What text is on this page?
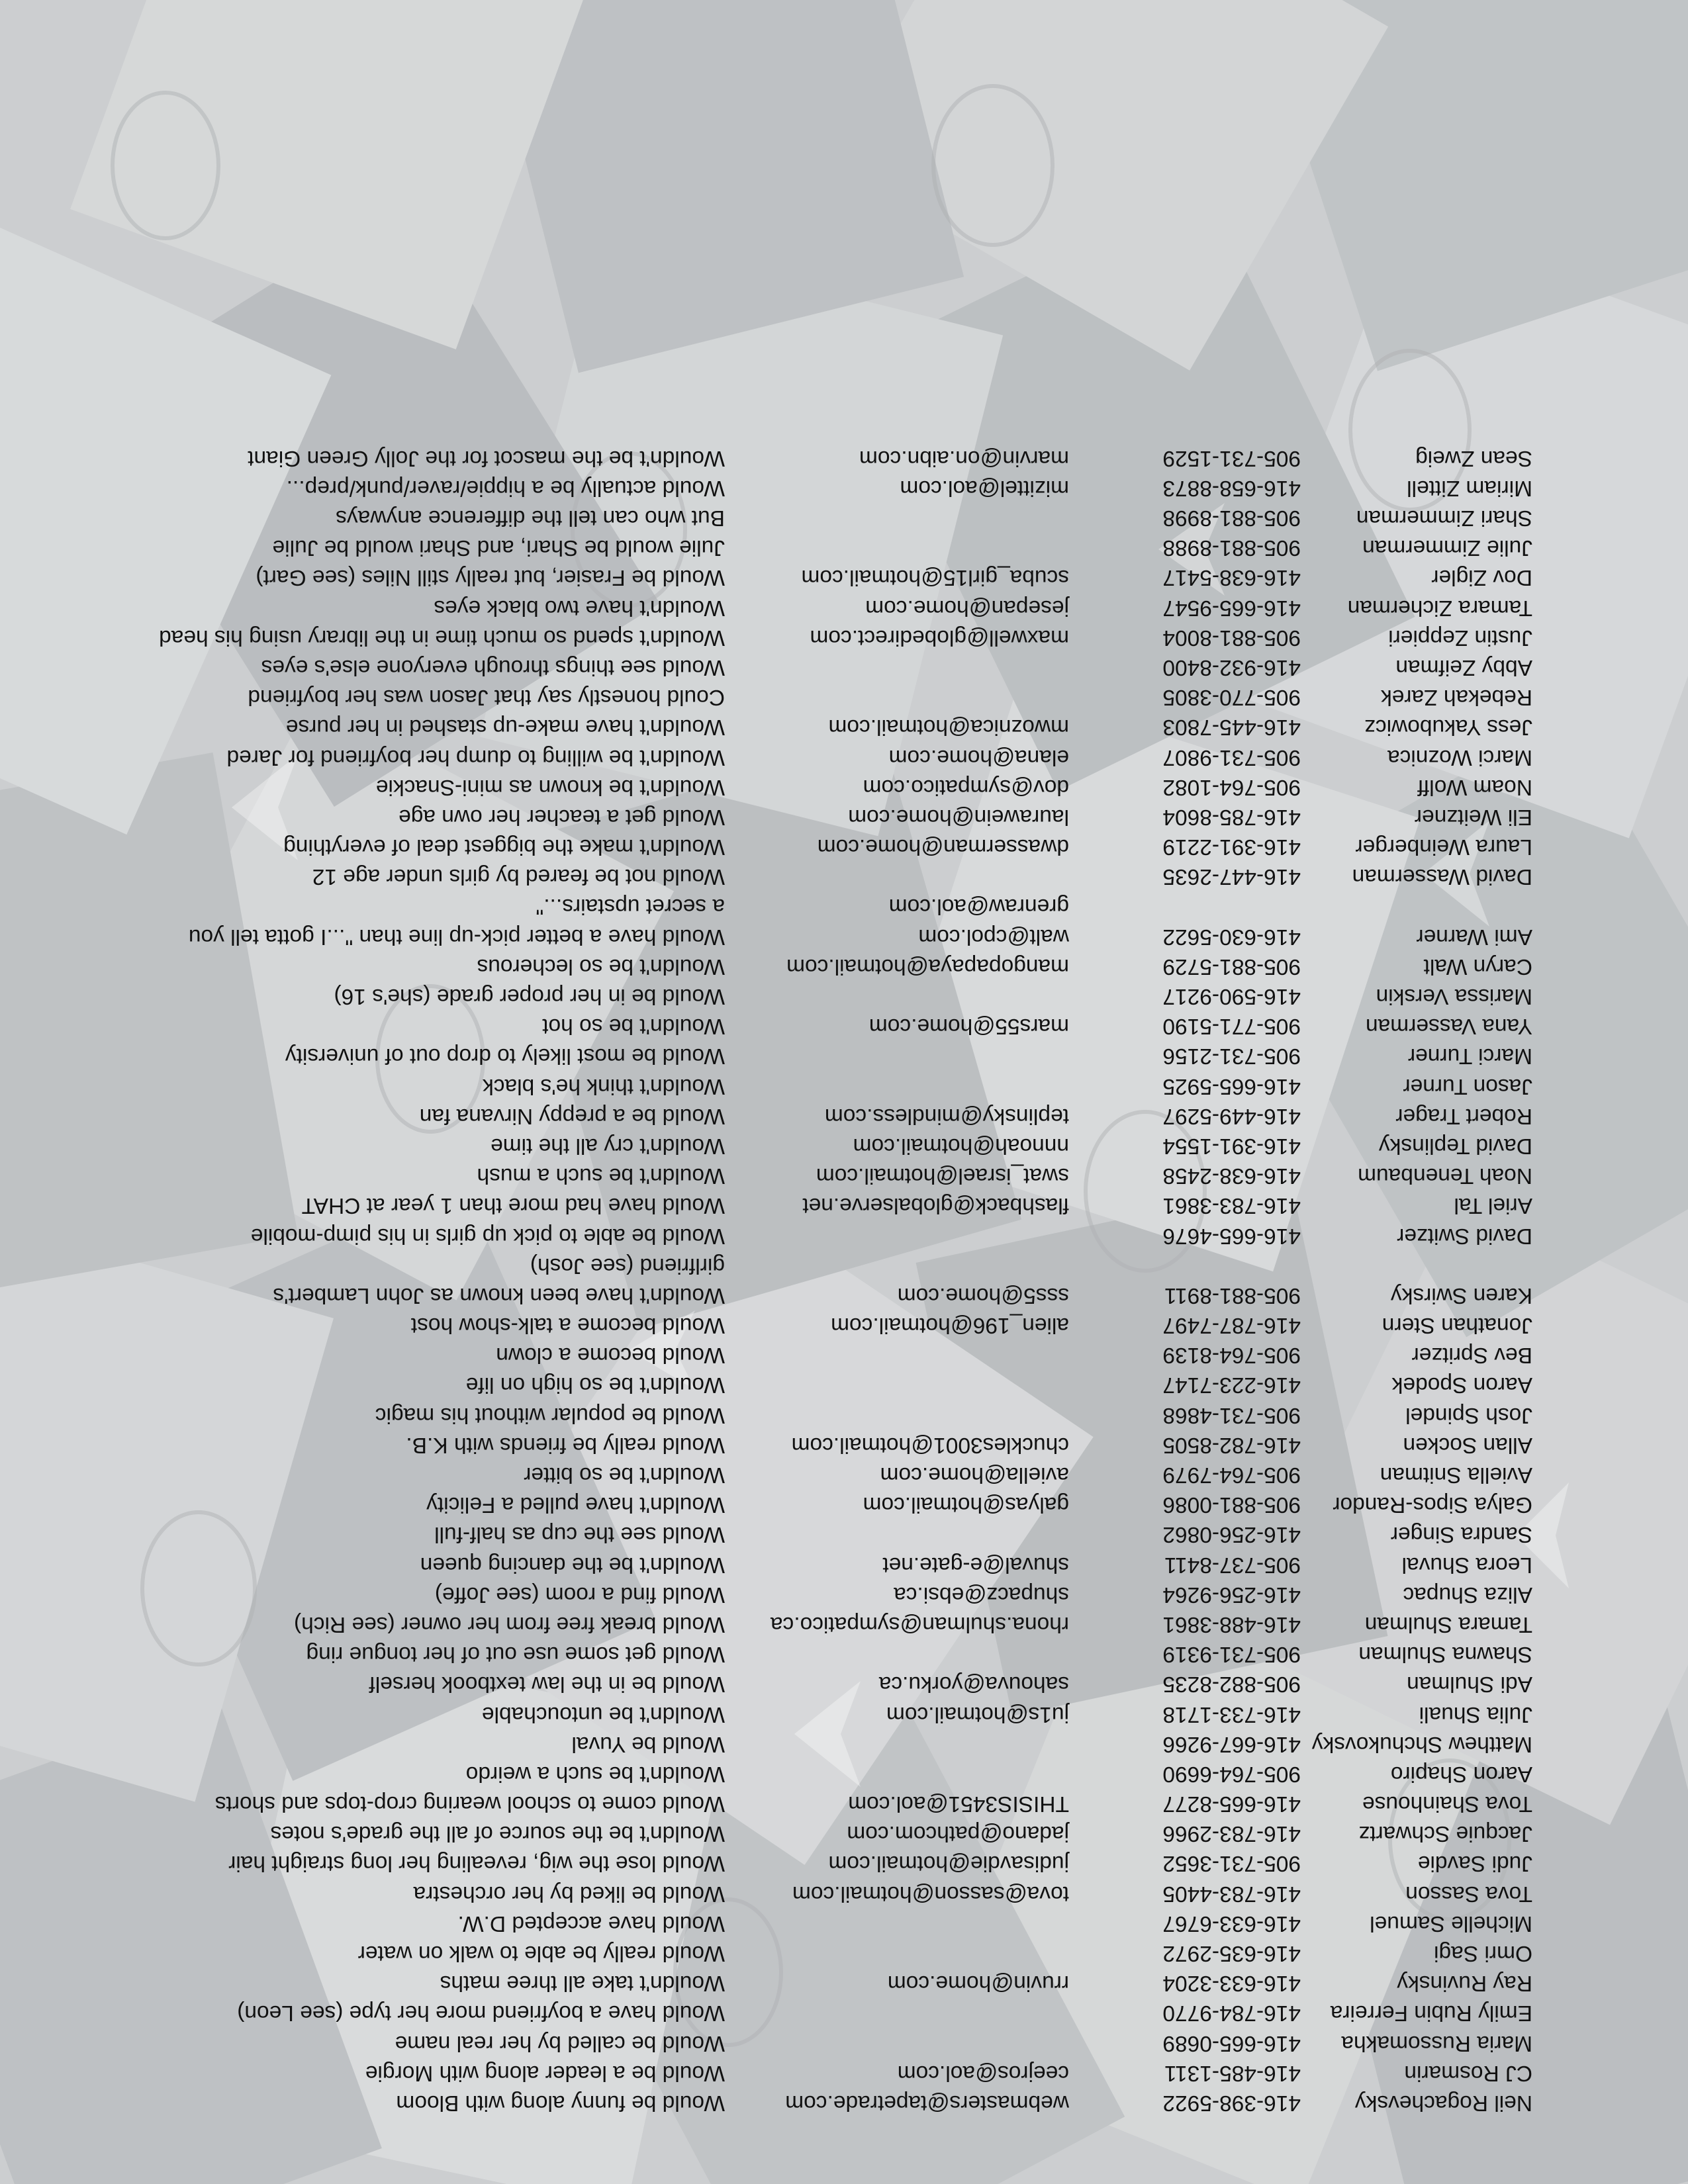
Neil Rogachevsky
416-398-5922
webmasters@tapetrade.com
Would be funny along with Bloom
CJ Rosmarin
416-485-1311
ceejros@aol.com
Would be a leader along with Morgie
Maria Russomakha
416-665-0689
Would be called by her real name
Emily Rubin Ferreira
416-784-9770
Would have a boyfriend more her type (see Leon)
Ray Ruvinsky
416-633-3204
rruvin@home.com
Wouldn't take all three maths
Omri Sagi
416-635-2972
Would really be able to walk on water
Michelle Samuel
416-633-6767
Would have accepted D.W.
Tova Sasson
416-783-4405
tova@sasson@hotmail.com
Would be liked by her orchestra
Judi Savdie
905-731-3652
judisavdie@hotmail.com
Would lose the wig, revealing her long straight hair
Jacquie Schwartz
416-783-2966
jadano@pathcom.com
Wouldn't be the source of all the grade's notes
Tova Shainhouse
416-665-8277
THISIS3451@aol.com
Would come to school wearing crop-tops and shorts
Aaron Shapiro
905-764-6690
Wouldn't be such a weirdo
Matthew Shchukovsky
416-667-9266
Would be Yuval
Julia Shuali
416-733-1718
ju1s@hotmail.com
Wouldn't be untouchable
Adi Shulman
905-882-8235
sahouva@yorku.ca
Would be in the law textbook herself
Shawna Shulman
905-731-9319
Would get some use out of her tongue ring
Tamara Shulman
416-488-3861
rhona.shulman@sympatico.ca
Would break free from her owner (see Rich)
Aliza Shupac
416-256-9264
shupacz@ebsi.ca
Would find a room (see Joffe)
Leora Shuval
905-737-8411
shuval@e-gate.net
Wouldn't be the dancing queen
Sandra Singer
416-256-0862
Would see the cup as half-full
Galya Sipos-Randor
905-881-0086
galyas@hotmail.com
Wouldn't have pulled a Felicity
Aviella Snitman
905-764-7979
aviella@home.com
Wouldn't be so bitter
Allan Socken
416-782-8505
chuckles3001@hotmail.com
Would really be friends with K.B.
Josh Spindel
905-731-4868
Would be popular without his magic
Aaron Spodek
416-223-7147
Wouldn't be so high on life
Bev Spritzer
905-764-8139
Would become a clown
Jonathan Stern
416-787-7497
alien_196@hotmail.com
Would become a talk-show host
Karen Swirsky
905-881-8911
sss5@home.com
Wouldn't have been known as John Lambert's
girlfriend (see Josh)
David Switzer
416-665-4676
Would be able to pick up girls in his pimp-mobile
Ariel Tal
416-783-3861
flashback@globalserve.net
Would have had more than 1 year at CHAT
Noah Tenenbaum
416-638-2458
swat_israel@hotmail.com
Wouldn't be such a mush
David Teplinsky
416-391-1554
nnnoah@hotmail.com
Wouldn't cry all the time
Robert Trager
416-449-5297
teplinsky@mindless.com
Would be a preppy Nirvana fan
Jason Turner
416-665-5925
Wouldn't think he's black
Marci Turner
905-731-2156
Would be most likely to drop out of university
Yana Vasserman
905-771-5190
mars55@home.com
Wouldn't be so hot
Marissa Verskin
416-590-9217
Would be in her proper grade (she's 16)
Caryn Walt
905-881-5729
mangopapaya@hotmail.com
Wouldn't be so lecherous
Ami Warner
416-630-5622
walt@cpol.com
Would have a better pick-up line than "...I gotta tell you
grenraw@aol.com
a secret upstairs..."
David Wasserman
416-447-2635
Would not be feared by girls under age 12
Laura Weinberger
416-391-2219
dwasserman@home.com
Wouldn't make the biggest deal of everything
Eli Weitzner
416-785-8604
laurawein@home.com
Would get a teacher her own age
Noam Wolff
905-764-1082
dov@sympatico.com
Wouldn't be known as mini-Snackie
Marci Woznica
905-731-9807
elana@home.com
Wouldn't be willing to dump her boyfriend for Jared
Jess Yakubowicz
416-445-7803
mwoznica@hotmail.com
Wouldn't have make-up stashed in her purse
Rebekah Zarek
905-770-3805
Could honestly say that Jason was her boyfriend
Abby Zeifman
416-932-8400
Would see things through everyone else's eyes
Justin Zeppieri
905-881-8004
maxwell@globedirect.com
Wouldn't spend so much time in the library using his head
Tamara Zicherman
416-665-9547
jesepan@home.com
Wouldn't have two black eyes
Dov Zigler
416-638-5417
scuba_girl15@hotmail.com
Would be Frasier, but really still Niles (see Gart)
Julie Zimmerman
905-881-8988
Julie would be Shari, and Shari would be Julie
Shari Zimmerman
905-881-8998
But who can tell the difference anyways
Miriam Zittell
416-658-8873
mizittel@aol.com
Would actually be a hippie/raver/punk/prep...
Sean Zweig
905-731-1529
marvin@on.aibn.com
Wouldn't be the mascot for the Jolly Green Giant
